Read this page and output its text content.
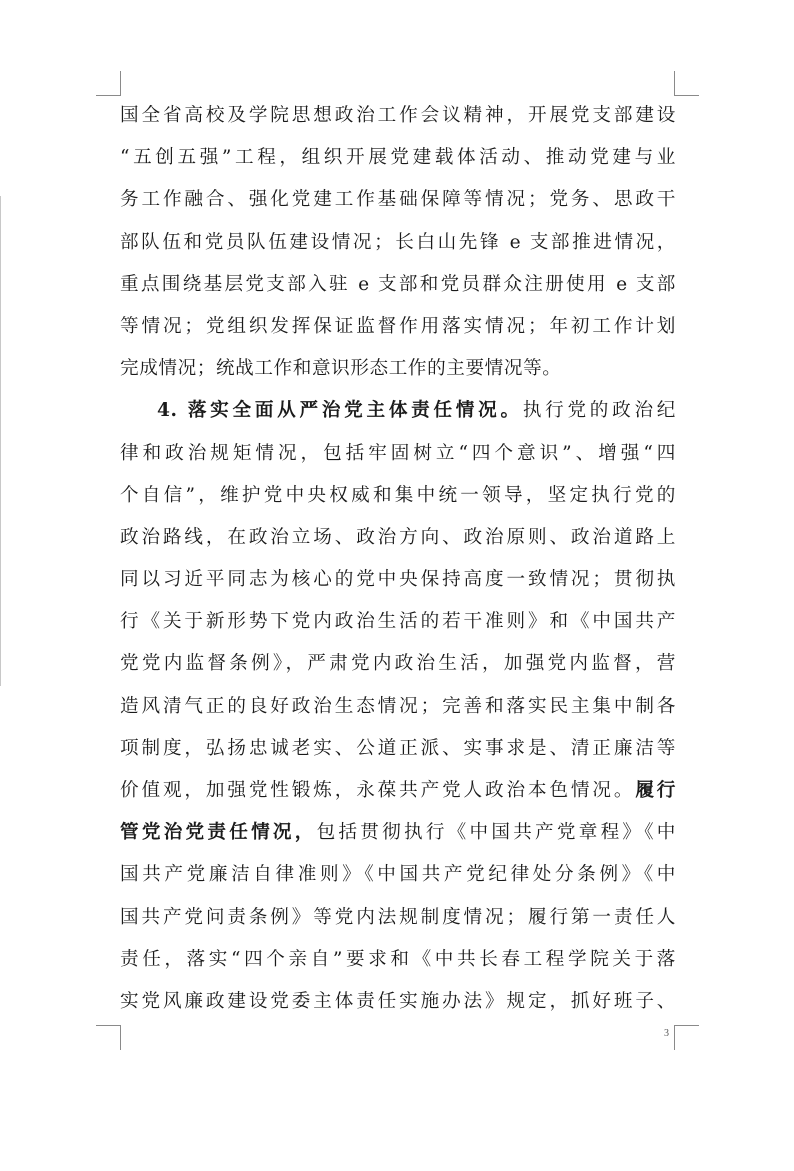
国全省高校及学院思想政治工作会议精神，开展党支部建设
“五创五强”工程，组织开展党建载体活动、推动党建与业
务工作融合、强化党建工作基础保障等情况；党务、思政干
部队伍和党员队伍建设情况；长白山先锋 e 支部推进情况，
重点围绕基层党支部入驻 e 支部和党员群众注册使用 e 支部
等情况；党组织发挥保证监督作用落实情况；年初工作计划
完成情况；统战工作和意识形态工作的主要情况等。
4. 落实全面从严治党主体责任情况。执行党的政治纪
律和政治规矩情况，包括牢固树立“四个意识”、增强“四
个自信”，维护党中央权威和集中统一领导，坚定执行党的
政治路线，在政治立场、政治方向、政治原则、政治道路上
同以习近平同志为核心的党中央保持高度一致情况；贯彻执
行《关于新形势下党内政治生活的若干准则》和《中国共产
党党内监督条例》，严肃党内政治生活，加强党内监督，营
造风清气正的良好政治生态情况；完善和落实民主集中制各
项制度，弘扬忠诚老实、公道正派、实事求是、清正廉洁等
价值观，加强党性锻炼，永葆共产党人政治本色情况。履行
管党治党责任情况，包括贯彻执行《中国共产党章程》《中
国共产党廉洁自律准则》《中国共产党纪律处分条例》《中
国共产党问责条例》等党内法规制度情况；履行第一责任人
责任，落实“四个亲自”要求和《中共长春工程学院关于落
实党风廉政建设党委主体责任实施办法》规定，抓好班子、
3
